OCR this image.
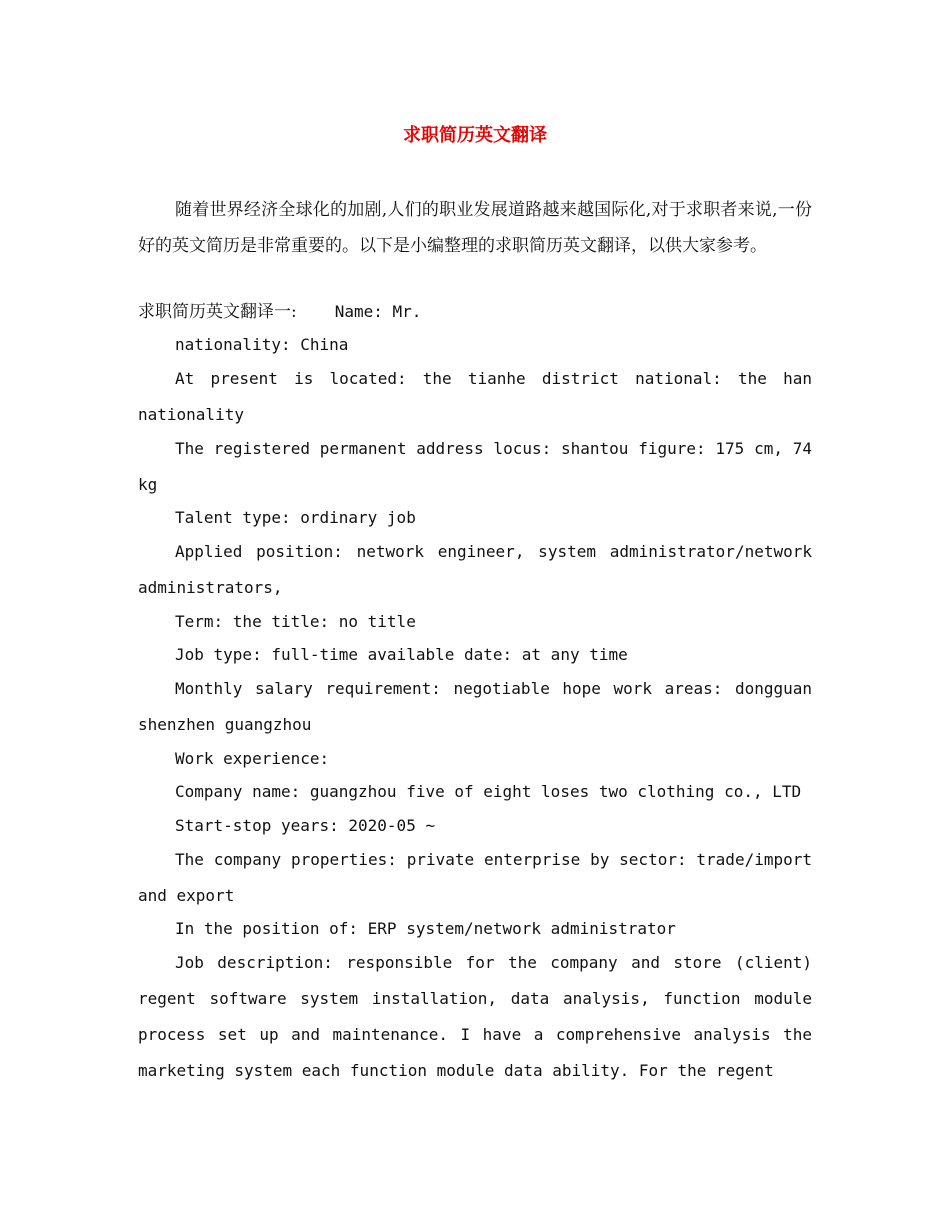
求职简历英文翻译
随着世界经济全球化的加剧,人们的职业发展道路越来越国际化,对于求职者来说,一份好的英文简历是非常重要的。以下是小编整理的求职简历英文翻译，以供大家参考。
求职简历英文翻译一: Name: Mr.
nationality: China
At present is located: the tianhe district national: the han nationality
The registered permanent address locus: shantou figure: 175 cm, 74 kg
Talent type: ordinary job
Applied position: network engineer, system administrator/network administrators,
Term: the title: no title
Job type: full-time available date: at any time
Monthly salary requirement: negotiable hope work areas: dongguan shenzhen guangzhou
Work experience:
Company name: guangzhou five of eight loses two clothing co., LTD
Start-stop years: 2020-05 ~
The company properties: private enterprise by sector: trade/import and export
In the position of: ERP system/network administrator
Job description: responsible for the company and store (client) regent software system installation, data analysis, function module process set up and maintenance. I have a comprehensive analysis the marketing system each function module data ability. For the regent
